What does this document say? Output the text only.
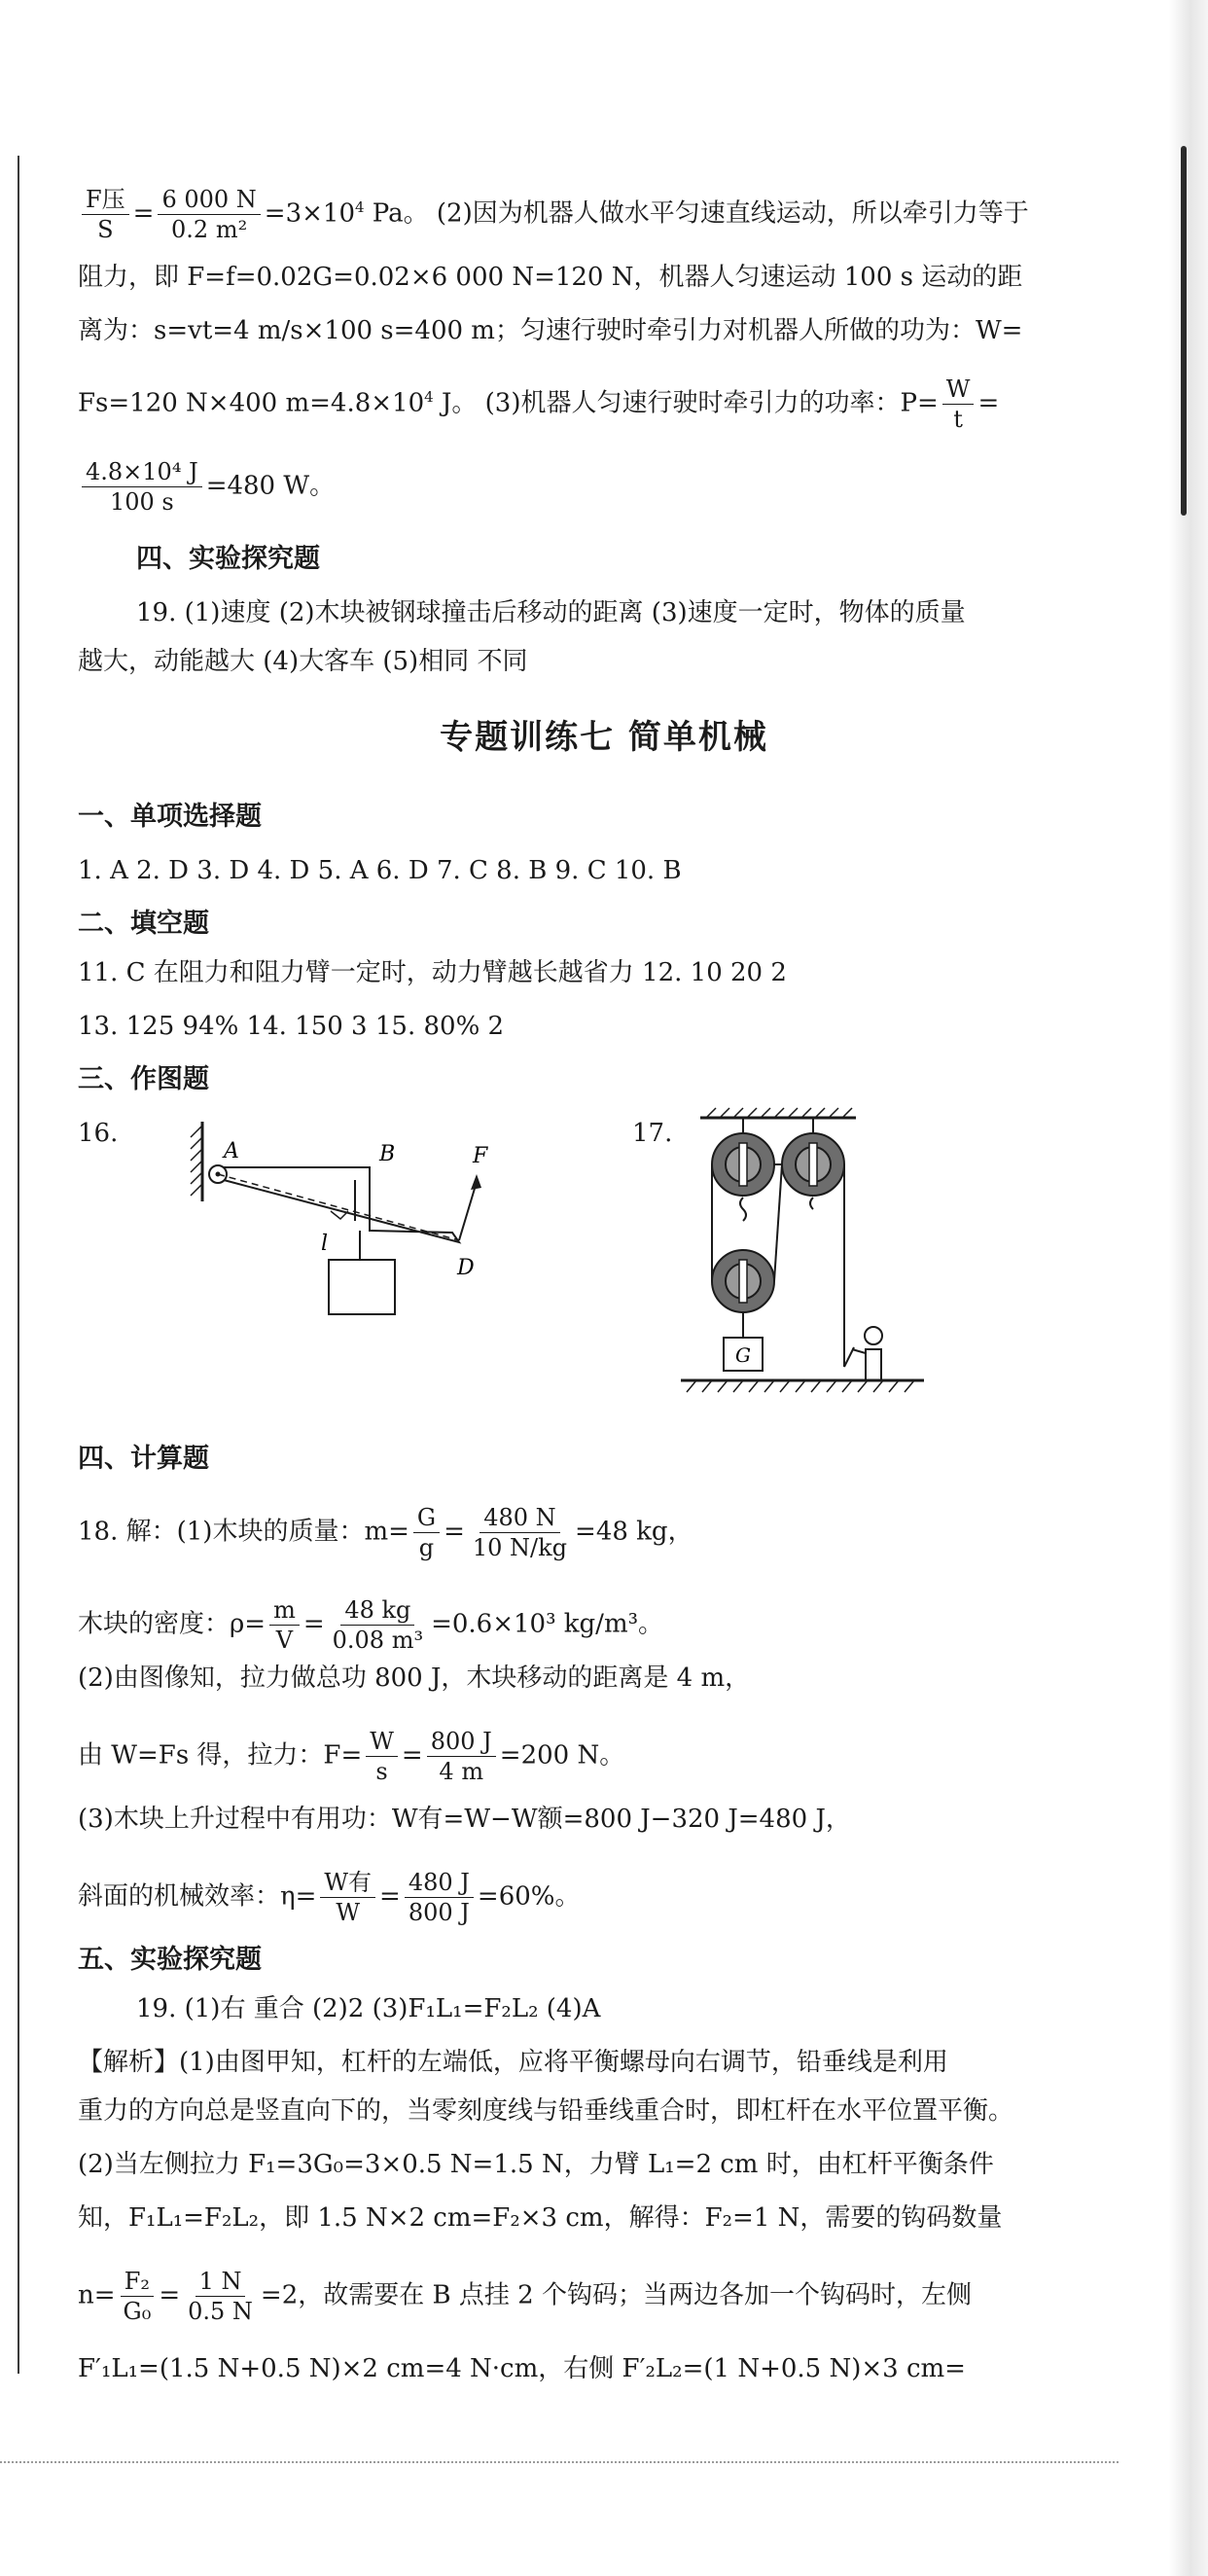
$\frac{\text{F压}}{S} = \frac{6 000 N}{\text{0.2 m²}} =3\times 10^4$ Pa。 (2)因为机器人做水平匀速直线运动，所以牵引力等于
阻力，即 F=f=0.02G=0.02×6 000 N=120 N，机器人匀速运动 100 s 运动的距
离为：s=vt=4 m/s×100 s=400 m；匀速行驶时牵引力对机器人所做的功为：W=
Fs=120 N×400 $m=4.8\times 10^4$ J。 (3)机器人匀速行驶时牵引力的功率：$P= \frac{W}{t}$ =
$\frac{\text{4.8×10⁴ J}}{100 s} =480$ W。
四、实验探究题
19. (1)速度 (2)木块被钢球撞击后移动的距离 (3)速度一定时，物体的质量
越大，动能越大 (4)大客车 (5)相同 不同
专题训练七 简单机械
一、单项选择题
1. A 2. D 3. D 4. D 5. A 6. D 7. C 8. B 9. C 10. B
二、填空题
11. C 在阻力和阻力臂一定时，动力臂越长越省力 12. 10 20 2
13. 125 94% 14. 150 3 15. 80% 2
三、作图题
16.	17.
A	B	F
l
D
G
四、计算题
18. 解：(1)木块的质量：$m= \frac{G}{g} = \frac{480 N}{10 N/kg} =48$ kg，
木块的密度：$\rho= \frac{m}{V} = \frac{48 kg}{\text{0.08 m³}} =0.6\times 10^3$ kg/m³。
(2)由图像知，拉力做总功 800 J，木块移动的距离是 4 m，
由 W=Fs 得，拉力：$F= \frac{W}{s} = \frac{800 J}{4 m} =200$ N。
(3)木块上升过程中有用功：W有=W−W额=800 J−320 J=480 J，
斜面的机械效率：$\eta= \frac{\text{W有}}{W} = \frac{480 J}{800 J} =60\%$。
五、实验探究题
19. (1)右 重合 (2)2 (3)F₁L₁=F₂L₂ (4)A
【解析】(1)由图甲知，杠杆的左端低，应将平衡螺母向右调节，铅垂线是利用
重力的方向总是竖直向下的，当零刻度线与铅垂线重合时，即杠杆在水平位置平衡。
(2)当左侧拉力 F₁=3G₀=3×0.5 N=1.5 N，力臂 L₁=2 cm 时，由杠杆平衡条件
知，F₁L₁=F₂L₂，即 1.5 N×2 cm=F₂×3 cm，解得：F₂=1 N，需要的钩码数量
$n= \frac{\text{F₂}}{\text{G₀}} = \frac{1 N}{0.5 N} =2$，故需要在 B 点挂 2 个钩码；当两边各加一个钩码时，左侧
F′₁L₁=(1.5 N+0.5 N)×2 cm=4 N·cm，右侧 F′₂L₂=(1 N+0.5 N)×3 cm=
